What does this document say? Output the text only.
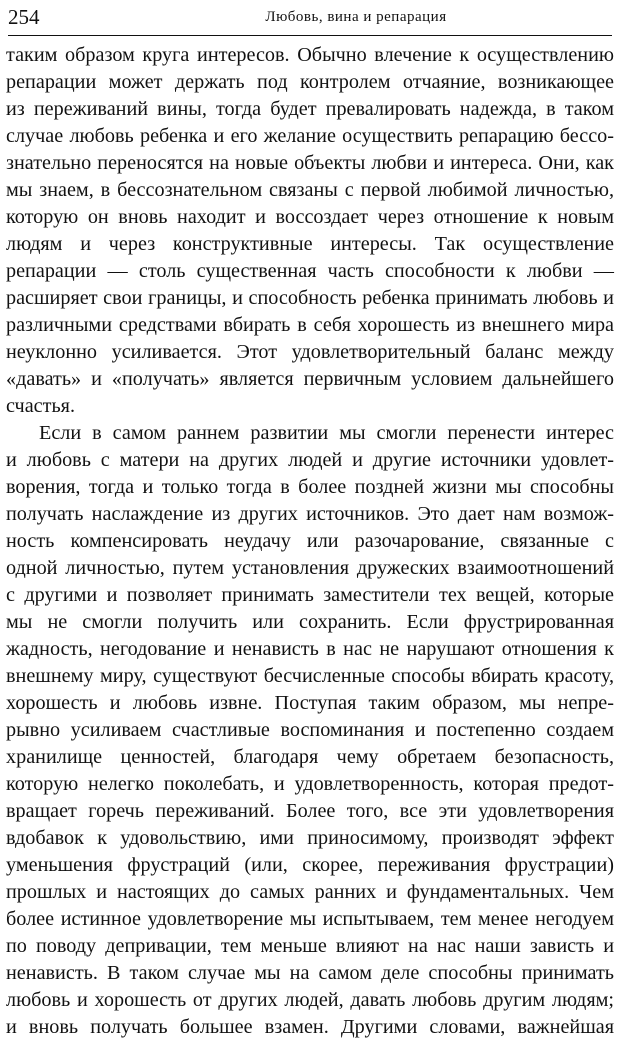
254	Любовь, вина и репарация
таким образом круга интересов. Обычно влечение к осуществлению
репарации может держать под контролем отчаяние, возникающее
из переживаний вины, тогда будет превалировать надежда, в таком
случае любовь ребенка и его желание осуществить репарацию бессо-
знательно переносятся на новые объекты любви и интереса. Они, как
мы знаем, в бессознательном связаны с первой любимой личностью,
которую он вновь находит и воссоздает через отношение к новым
людям и через конструктивные интересы. Так осуществление
репарации — столь существенная часть способности к любви —
расширяет свои границы, и способность ребенка принимать любовь и
различными средствами вбирать в себя хорошесть из внешнего мира
неуклонно усиливается. Этот удовлетворительный баланс между
«давать» и «получать» является первичным условием дальнейшего
счастья.
Если в самом раннем развитии мы смогли перенести интерес
и любовь с матери на других людей и другие источники удовлет-
ворения, тогда и только тогда в более поздней жизни мы способны
получать наслаждение из других источников. Это дает нам возмож-
ность компенсировать неудачу или разочарование, связанные с
одной личностью, путем установления дружеских взаимоотношений
с другими и позволяет принимать заместители тех вещей, которые
мы не смогли получить или сохранить. Если фрустрированная
жадность, негодование и ненависть в нас не нарушают отношения к
внешнему миру, существуют бесчисленные способы вбирать красоту,
хорошесть и любовь извне. Поступая таким образом, мы непре-
рывно усиливаем счастливые воспоминания и постепенно создаем
хранилище ценностей, благодаря чему обретаем безопасность,
которую нелегко поколебать, и удовлетворенность, которая предот-
вращает горечь переживаний. Более того, все эти удовлетворения
вдобавок к удовольствию, ими приносимому, производят эффект
уменьшения фрустраций (или, скорее, переживания фрустрации)
прошлых и настоящих до самых ранних и фундаментальных. Чем
более истинное удовлетворение мы испытываем, тем менее негодуем
по поводу депривации, тем меньше влияют на нас наши зависть и
ненависть. В таком случае мы на самом деле способны принимать
любовь и хорошесть от других людей, давать любовь другим людям;
и вновь получать большее взамен. Другими словами, важнейшая
